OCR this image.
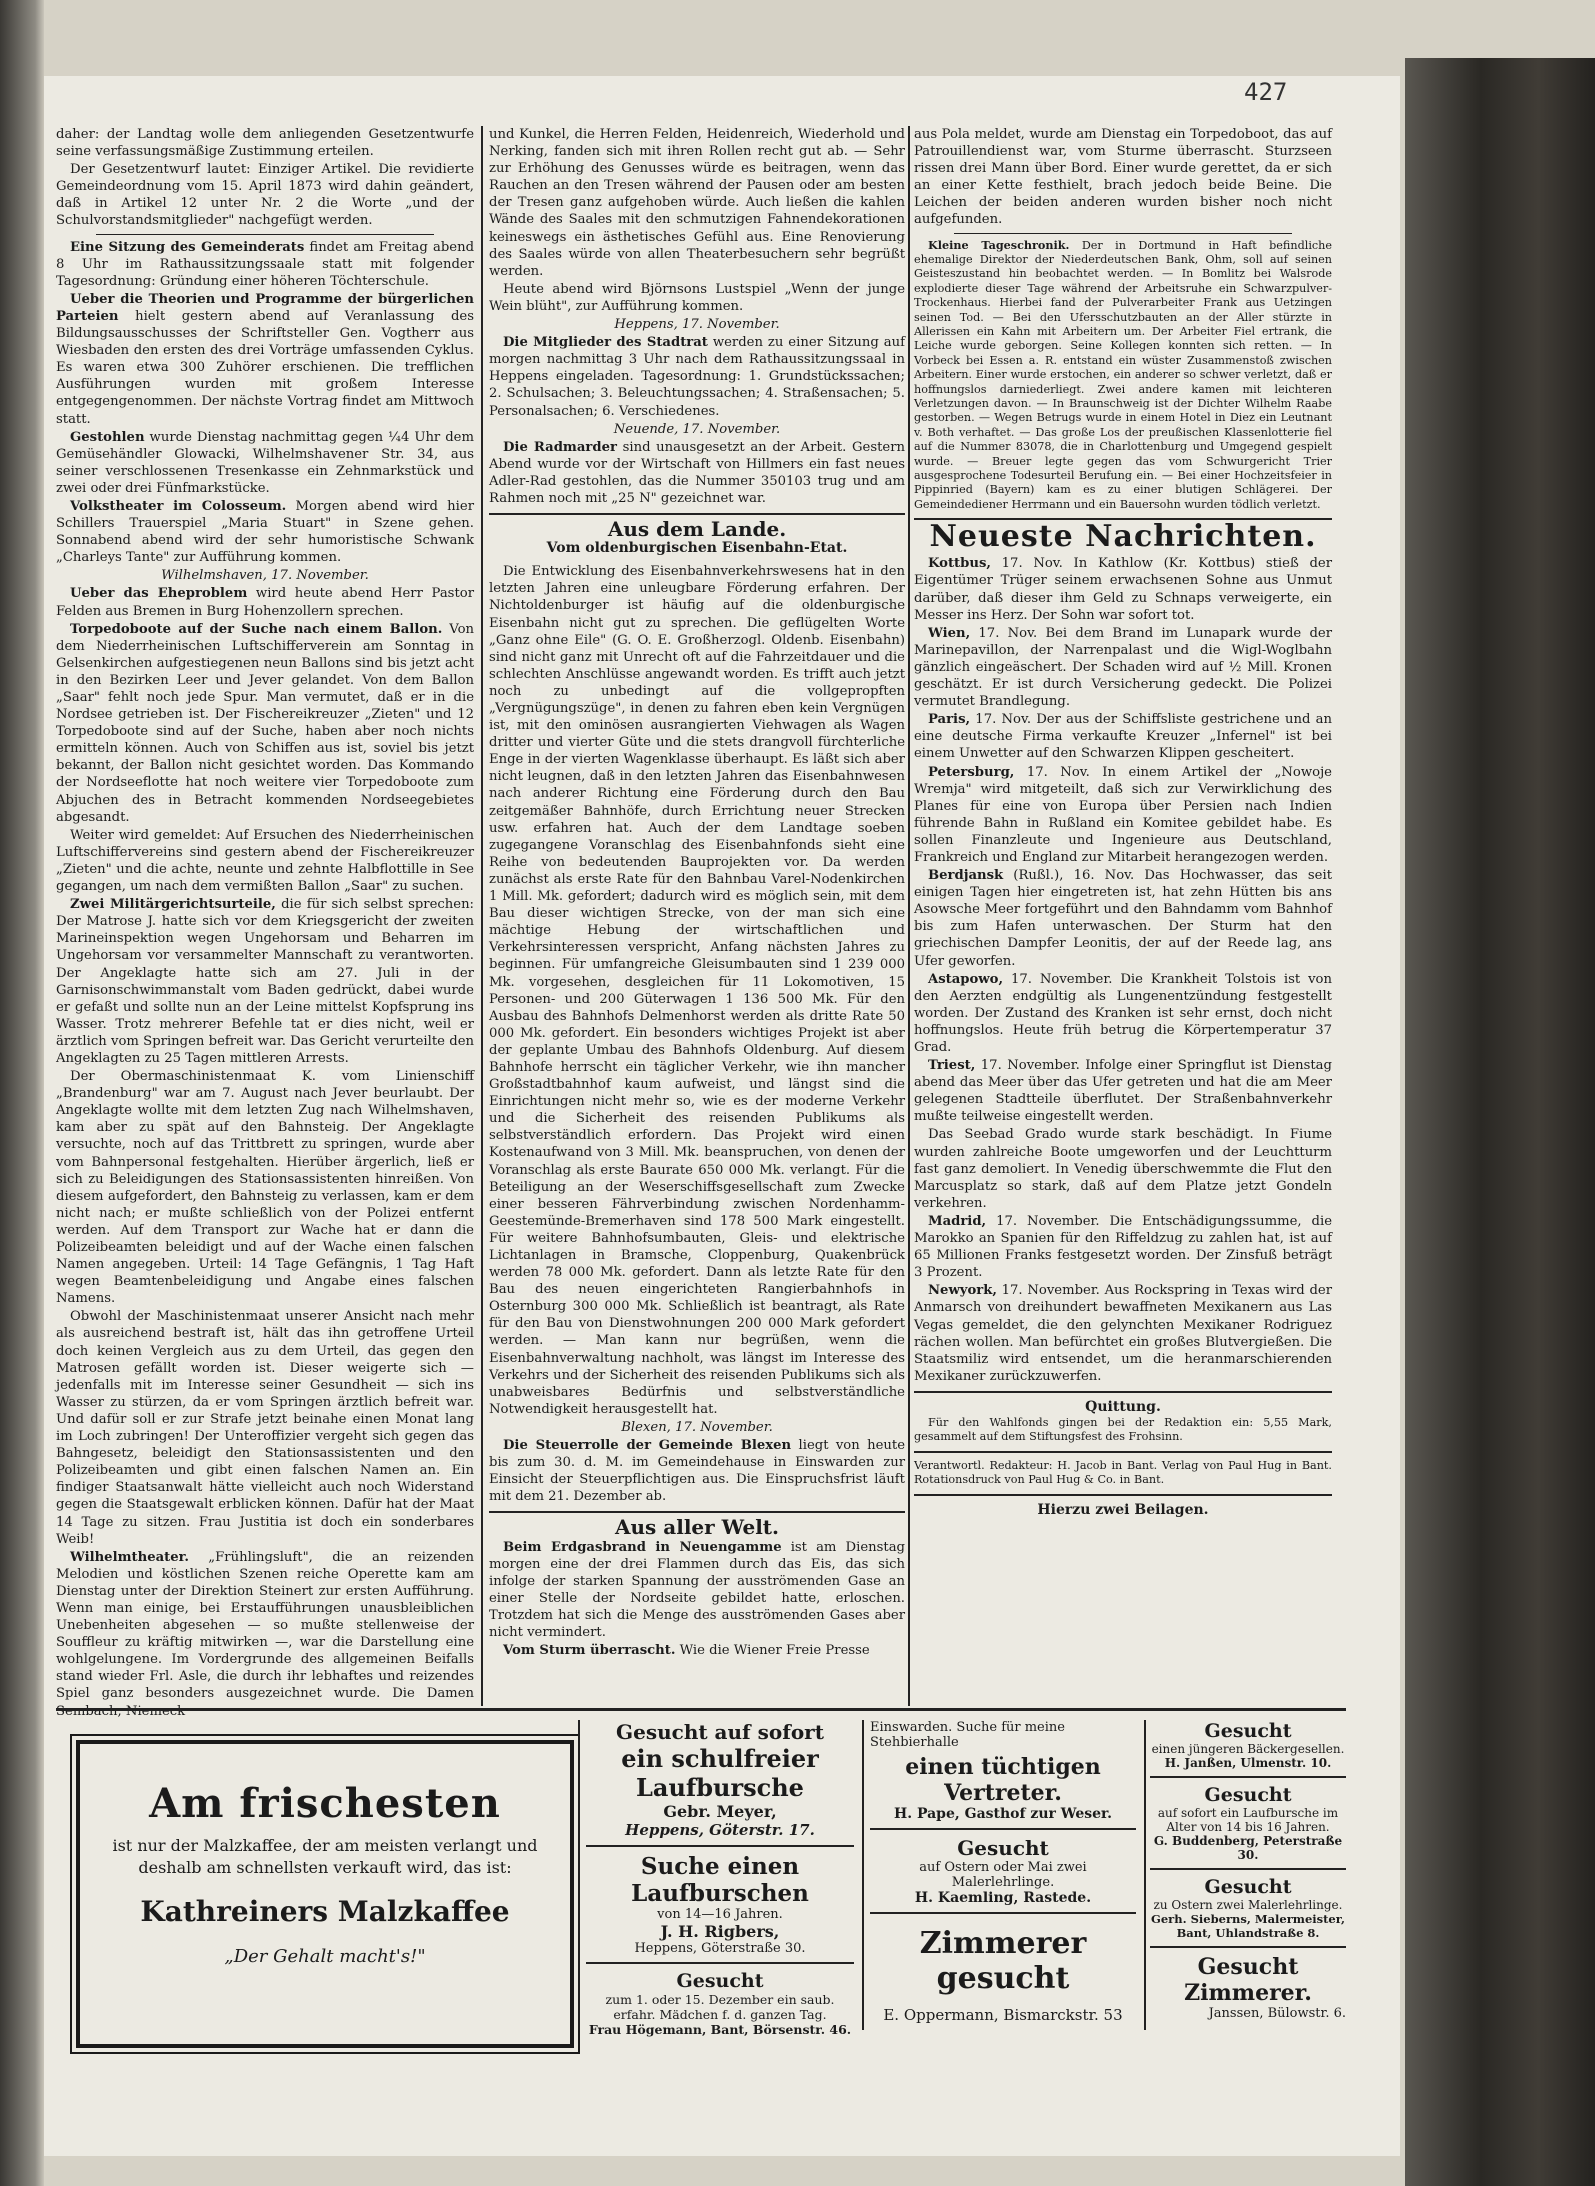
427

daher: der Landtag wolle dem anliegenden Gesetzentwurfe seine verfassungsmäßige Zustimmung erteilen.

Der Gesetzentwurf lautet: Einziger Artikel. Die revidierte Gemeindeordnung vom 15. April 1873 wird dahin geändert, daß in Artikel 12 unter Nr. 2 die Worte „und der Schulvorstandsmitglieder" nachgefügt werden.

Eine Sitzung des Gemeinderats findet am Freitag abend 8 Uhr im Rathaussitzungssaale statt mit folgender Tagesordnung: Gründung einer höheren Töchterschule.

Ueber die Theorien und Programme der bürgerlichen Parteien hielt gestern abend auf Veranlassung des Bildungsausschusses der Schriftsteller Gen. Vogtherr aus Wiesbaden den ersten des drei Vorträge umfassenden Cyklus. Es waren etwa 300 Zuhörer erschienen. Die trefflichen Ausführungen wurden mit großem Interesse entgegengenommen. Der nächste Vortrag findet am Mittwoch statt.

Gestohlen wurde Dienstag nachmittag gegen ¼4 Uhr dem Gemüsehändler Glowacki, Wilhelmshavener Str. 34, aus seiner verschlossenen Tresenkasse ein Zehnmarkstück und zwei oder drei Fünfmarkstücke.

Volkstheater im Colosseum. Morgen abend wird hier Schillers Trauerspiel „Maria Stuart" in Szene gehen. Sonnabend abend wird der sehr humoristische Schwank „Charleys Tante" zur Aufführung kommen.

Wilhelmshaven, 17. November.

Ueber das Eheproblem wird heute abend Herr Pastor Felden aus Bremen in Burg Hohenzollern sprechen.

Torpedoboote auf der Suche nach einem Ballon. Von dem Niederrheinischen Luftschifferverein am Sonntag in Gelsenkirchen aufgestiegenen neun Ballons sind bis jetzt acht in den Bezirken Leer und Jever gelandet. Von dem Ballon „Saar" fehlt noch jede Spur. Man vermutet, daß er in die Nordsee getrieben ist. Der Fischereikreuzer „Zieten" und 12 Torpedoboote sind auf der Suche, haben aber noch nichts ermitteln können. Auch von Schiffen aus ist, soviel bis jetzt bekannt, der Ballon nicht gesichtet worden. Das Kommando der Nordseeflotte hat noch weitere vier Torpedoboote zum Abjuchen des in Betracht kommenden Nordseegebietes abgesandt.

Weiter wird gemeldet: Auf Ersuchen des Niederrheinischen Luftschiffervereins sind gestern abend der Fischereikreuzer „Zieten" und die achte, neunte und zehnte Halbflottille in See gegangen, um nach dem vermißten Ballon „Saar" zu suchen.

Zwei Militärgerichtsurteile, die für sich selbst sprechen: Der Matrose J. hatte sich vor dem Kriegsgericht der zweiten Marineinspektion wegen Ungehorsam und Beharren im Ungehorsam vor versammelter Mannschaft zu verantworten. Der Angeklagte hatte sich am 27. Juli in der Garnisonschwimmanstalt vom Baden gedrückt, dabei wurde er gefaßt und sollte nun an der Leine mittelst Kopfsprung ins Wasser. Trotz mehrerer Befehle tat er dies nicht, weil er ärztlich vom Springen befreit war. Das Gericht verurteilte den Angeklagten zu 25 Tagen mittleren Arrests.

Der Obermaschinistenmaat K. vom Linienschiff „Brandenburg" war am 7. August nach Jever beurlaubt. Der Angeklagte wollte mit dem letzten Zug nach Wilhelmshaven, kam aber zu spät auf den Bahnsteig. Der Angeklagte versuchte, noch auf das Trittbrett zu springen, wurde aber vom Bahnpersonal festgehalten. Hierüber ärgerlich, ließ er sich zu Beleidigungen des Stationsassistenten hinreißen. Von diesem aufgefordert, den Bahnsteig zu verlassen, kam er dem nicht nach; er mußte schließlich von der Polizei entfernt werden. Auf dem Transport zur Wache hat er dann die Polizeibeamten beleidigt und auf der Wache einen falschen Namen angegeben. Urteil: 14 Tage Gefängnis, 1 Tag Haft wegen Beamtenbeleidigung und Angabe eines falschen Namens.

Obwohl der Maschinistenmaat unserer Ansicht nach mehr als ausreichend bestraft ist, hält das ihn getroffene Urteil doch keinen Vergleich aus zu dem Urteil, das gegen den Matrosen gefällt worden ist. Dieser weigerte sich — jedenfalls mit im Interesse seiner Gesundheit — sich ins Wasser zu stürzen, da er vom Springen ärztlich befreit war. Und dafür soll er zur Strafe jetzt beinahe einen Monat lang im Loch zubringen! Der Unteroffizier vergeht sich gegen das Bahngesetz, beleidigt den Stationsassistenten und den Polizeibeamten und gibt einen falschen Namen an. Ein findiger Staatsanwalt hätte vielleicht auch noch Widerstand gegen die Staatsgewalt erblicken können. Dafür hat der Maat 14 Tage zu sitzen. Frau Justitia ist doch ein sonderbares Weib!

Wilhelmtheater. „Frühlingsluft", die an reizenden Melodien und köstlichen Szenen reiche Operette kam am Dienstag unter der Direktion Steinert zur ersten Aufführung. Wenn man einige, bei Erstaufführungen unausbleiblichen Unebenheiten abgesehen — so mußte stellenweise der Souffleur zu kräftig mitwirken —, war die Darstellung eine wohlgelungene. Im Vordergrunde des allgemeinen Beifalls stand wieder Frl. Asle, die durch ihr lebhaftes und reizendes Spiel ganz besonders ausgezeichnet wurde. Die Damen Sembach, Niemeck

und Kunkel, die Herren Felden, Heidenreich, Wiederhold und Nerking, fanden sich mit ihren Rollen recht gut ab. — Sehr zur Erhöhung des Genusses würde es beitragen, wenn das Rauchen an den Tresen während der Pausen oder am besten der Tresen ganz aufgehoben würde. Auch ließen die kahlen Wände des Saales mit den schmutzigen Fahnendekorationen keineswegs ein ästhetisches Gefühl aus. Eine Renovierung des Saales würde von allen Theaterbesuchern sehr begrüßt werden.

Heute abend wird Björnsons Lustspiel „Wenn der junge Wein blüht", zur Aufführung kommen.

Heppens, 17. November.

Die Mitglieder des Stadtrat werden zu einer Sitzung auf morgen nachmittag 3 Uhr nach dem Rathaussitzungssaal in Heppens eingeladen. Tagesordnung: 1. Grundstückssachen; 2. Schulsachen; 3. Beleuchtungssachen; 4. Straßensachen; 5. Personalsachen; 6. Verschiedenes.

Neuende, 17. November.

Die Radmarder sind unausgesetzt an der Arbeit. Gestern Abend wurde vor der Wirtschaft von Hillmers ein fast neues Adler-Rad gestohlen, das die Nummer 350103 trug und am Rahmen noch mit „25 N" gezeichnet war.

Aus dem Lande.
Vom oldenburgischen Eisenbahn-Etat.

Die Entwicklung des Eisenbahnverkehrswesens hat in den letzten Jahren eine unleugbare Förderung erfahren. Der Nichtoldenburger ist häufig auf die oldenburgische Eisenbahn nicht gut zu sprechen. Die geflügelten Worte „Ganz ohne Eile" (G. O. E. Großherzogl. Oldenb. Eisenbahn) sind nicht ganz mit Unrecht oft auf die Fahrzeitdauer und die schlechten Anschlüsse angewandt worden. Es trifft auch jetzt noch zu unbedingt auf die vollgepropften „Vergnügungszüge", in denen zu fahren eben kein Vergnügen ist, mit den ominösen ausrangierten Viehwagen als Wagen dritter und vierter Güte und die stets drangvoll fürchterliche Enge in der vierten Wagenklasse überhaupt. Es läßt sich aber nicht leugnen, daß in den letzten Jahren das Eisenbahnwesen nach anderer Richtung eine Förderung durch den Bau zeitgemäßer Bahnhöfe, durch Errichtung neuer Strecken usw. erfahren hat. Auch der dem Landtage soeben zugegangene Voranschlag des Eisenbahnfonds sieht eine Reihe von bedeutenden Bauprojekten vor. Da werden zunächst als erste Rate für den Bahnbau Varel-Nodenkirchen 1 Mill. Mk. gefordert; dadurch wird es möglich sein, mit dem Bau dieser wichtigen Strecke, von der man sich eine mächtige Hebung der wirtschaftlichen und Verkehrsinteressen verspricht, Anfang nächsten Jahres zu beginnen. Für umfangreiche Gleisumbauten sind 1 239 000 Mk. vorgesehen, desgleichen für 11 Lokomotiven, 15 Personen- und 200 Güterwagen 1 136 500 Mk. Für den Ausbau des Bahnhofs Delmenhorst werden als dritte Rate 50 000 Mk. gefordert. Ein besonders wichtiges Projekt ist aber der geplante Umbau des Bahnhofs Oldenburg. Auf diesem Bahnhofe herrscht ein täglicher Verkehr, wie ihn mancher Großstadtbahnhof kaum aufweist, und längst sind die Einrichtungen nicht mehr so, wie es der moderne Verkehr und die Sicherheit des reisenden Publikums als selbstverständlich erfordern. Das Projekt wird einen Kostenaufwand von 3 Mill. Mk. beanspruchen, von denen der Voranschlag als erste Baurate 650 000 Mk. verlangt. Für die Beteiligung an der Weserschiffsgesellschaft zum Zwecke einer besseren Fährverbindung zwischen Nordenhamm-Geestemünde-Bremerhaven sind 178 500 Mark eingestellt. Für weitere Bahnhofsumbauten, Gleis- und elektrische Lichtanlagen in Bramsche, Cloppenburg, Quakenbrück werden 78 000 Mk. gefordert. Dann als letzte Rate für den Bau des neuen eingerichteten Rangierbahnhofs in Osternburg 300 000 Mk. Schließlich ist beantragt, als Rate für den Bau von Dienstwohnungen 200 000 Mark gefordert werden. — Man kann nur begrüßen, wenn die Eisenbahnverwaltung nachholt, was längst im Interesse des Verkehrs und der Sicherheit des reisenden Publikums sich als unabweisbares Bedürfnis und selbstverständliche Notwendigkeit herausgestellt hat.

Blexen, 17. November.

Die Steuerrolle der Gemeinde Blexen liegt von heute bis zum 30. d. M. im Gemeindehause in Einswarden zur Einsicht der Steuerpflichtigen aus. Die Einspruchsfrist läuft mit dem 21. Dezember ab.

Aus aller Welt.

Beim Erdgasbrand in Neuengamme ist am Dienstag morgen eine der drei Flammen durch das Eis, das sich infolge der starken Spannung der ausströmenden Gase an einer Stelle der Nordseite gebildet hatte, erloschen. Trotzdem hat sich die Menge des ausströmenden Gases aber nicht vermindert.

Vom Sturm überrascht. Wie die Wiener Freie Presse

aus Pola meldet, wurde am Dienstag ein Torpedoboot, das auf Patrouillendienst war, vom Sturme überrascht. Sturzseen rissen drei Mann über Bord. Einer wurde gerettet, da er sich an einer Kette festhielt, brach jedoch beide Beine. Die Leichen der beiden anderen wurden bisher noch nicht aufgefunden.

Kleine Tageschronik. Der in Dortmund in Haft befindliche ehemalige Direktor der Niederdeutschen Bank, Ohm, soll auf seinen Geisteszustand hin beobachtet werden. — In Bomlitz bei Walsrode explodierte dieser Tage während der Arbeitsruhe ein Schwarzpulver-Trockenhaus. Hierbei fand der Pulverarbeiter Frank aus Uetzingen seinen Tod. — Bei den Ufersschutzbauten an der Aller stürzte in Allerissen ein Kahn mit Arbeitern um. Der Arbeiter Fiel ertrank, die Leiche wurde geborgen. Seine Kollegen konnten sich retten. — In Vorbeck bei Essen a. R. entstand ein wüster Zusammenstoß zwischen Arbeitern. Einer wurde erstochen, ein anderer so schwer verletzt, daß er hoffnungslos darniederliegt. Zwei andere kamen mit leichteren Verletzungen davon. — In Braunschweig ist der Dichter Wilhelm Raabe gestorben. — Wegen Betrugs wurde in einem Hotel in Diez ein Leutnant v. Both verhaftet. — Das große Los der preußischen Klassenlotterie fiel auf die Nummer 83078, die in Charlottenburg und Umgegend gespielt wurde. — Breuer legte gegen das vom Schwurgericht Trier ausgesprochene Todesurteil Berufung ein. — Bei einer Hochzeitsfeier in Pippinried (Bayern) kam es zu einer blutigen Schlägerei. Der Gemeindediener Herrmann und ein Bauersohn wurden tödlich verletzt.

Neueste Nachrichten.

Kottbus, 17. Nov. In Kathlow (Kr. Kottbus) stieß der Eigentümer Trüger seinem erwachsenen Sohne aus Unmut darüber, daß dieser ihm Geld zu Schnaps verweigerte, ein Messer ins Herz. Der Sohn war sofort tot.

Wien, 17. Nov. Bei dem Brand im Lunapark wurde der Marinepavillon, der Narrenpalast und die Wigl-Woglbahn gänzlich eingeäschert. Der Schaden wird auf ½ Mill. Kronen geschätzt. Er ist durch Versicherung gedeckt. Die Polizei vermutet Brandlegung.

Paris, 17. Nov. Der aus der Schiffsliste gestrichene und an eine deutsche Firma verkaufte Kreuzer „Infernel" ist bei einem Unwetter auf den Schwarzen Klippen gescheitert.

Petersburg, 17. Nov. In einem Artikel der „Nowoje Wremja" wird mitgeteilt, daß sich zur Verwirklichung des Planes für eine von Europa über Persien nach Indien führende Bahn in Rußland ein Komitee gebildet habe. Es sollen Finanzleute und Ingenieure aus Deutschland, Frankreich und England zur Mitarbeit herangezogen werden.

Berdjansk (Rußl.), 16. Nov. Das Hochwasser, das seit einigen Tagen hier eingetreten ist, hat zehn Hütten bis ans Asowsche Meer fortgeführt und den Bahndamm vom Bahnhof bis zum Hafen unterwaschen. Der Sturm hat den griechischen Dampfer Leonitis, der auf der Reede lag, ans Ufer geworfen.

Astapowo, 17. November. Die Krankheit Tolstois ist von den Aerzten endgültig als Lungenentzündung festgestellt worden. Der Zustand des Kranken ist sehr ernst, doch nicht hoffnungslos. Heute früh betrug die Körpertemperatur 37 Grad.

Triest, 17. November. Infolge einer Springflut ist Dienstag abend das Meer über das Ufer getreten und hat die am Meer gelegenen Stadtteile überflutet. Der Straßenbahnverkehr mußte teilweise eingestellt werden.

Das Seebad Grado wurde stark beschädigt. In Fiume wurden zahlreiche Boote umgeworfen und der Leuchtturm fast ganz demoliert. In Venedig überschwemmte die Flut den Marcusplatz so stark, daß auf dem Platze jetzt Gondeln verkehren.

Madrid, 17. November. Die Entschädigungssumme, die Marokko an Spanien für den Riffeldzug zu zahlen hat, ist auf 65 Millionen Franks festgesetzt worden. Der Zinsfuß beträgt 3 Prozent.

Newyork, 17. November. Aus Rockspring in Texas wird der Anmarsch von dreihundert bewaffneten Mexikanern aus Las Vegas gemeldet, die den gelynchten Mexikaner Rodriguez rächen wollen. Man befürchtet ein großes Blutvergießen. Die Staatsmiliz wird entsendet, um die heranmarschierenden Mexikaner zurückzuwerfen.

Quittung.

Für den Wahlfonds gingen bei der Redaktion ein: 5,55 Mark, gesammelt auf dem Stiftungsfest des Frohsinn.

Verantwortl. Redakteur: H. Jacob in Bant. Verlag von Paul Hug in Bant. Rotationsdruck von Paul Hug & Co. in Bant.

Hierzu zwei Beilagen.
Am frischesten
ist nur der Malzkaffee, der am meisten verlangt und deshalb am schnellsten verkauft wird, das ist:
Kathreiners Malzkaffee
„Der Gehalt macht's!"
Gesucht auf sofort
ein schulfreier Laufbursche
Gebr. Meyer,
Heppens, Göterstr. 17.
Suche einen Laufburschen
von 14—16 Jahren.
J. H. Rigbers,
Heppens, Göterstraße 30.
Gesucht
zum 1. oder 15. Dezember ein saub. erfahr. Mädchen f. d. ganzen Tag.
Frau Högemann, Bant, Börsenstr. 46.
Einswarden. Suche für meine Stehbierhalle
einen tüchtigen Vertreter.
H. Pape, Gasthof zur Weser.
Gesucht
auf Ostern oder Mai zwei Malerlehrlinge.
H. Kaemling, Rastede.
Zimmerer gesucht
E. Oppermann, Bismarckstr. 53
Gesucht
einen jüngeren Bäckergesellen.
H. Janßen, Ulmenstr. 10.
Gesucht
auf sofort ein Laufbursche im Alter von 14 bis 16 Jahren.
G. Buddenberg, Peterstraße 30.
Gesucht
zu Ostern zwei Malerlehrlinge.
Gerh. Sieberns, Malermeister, Bant, Uhlandstraße 8.
Gesucht Zimmerer.
Janssen, Bülowstr. 6.
